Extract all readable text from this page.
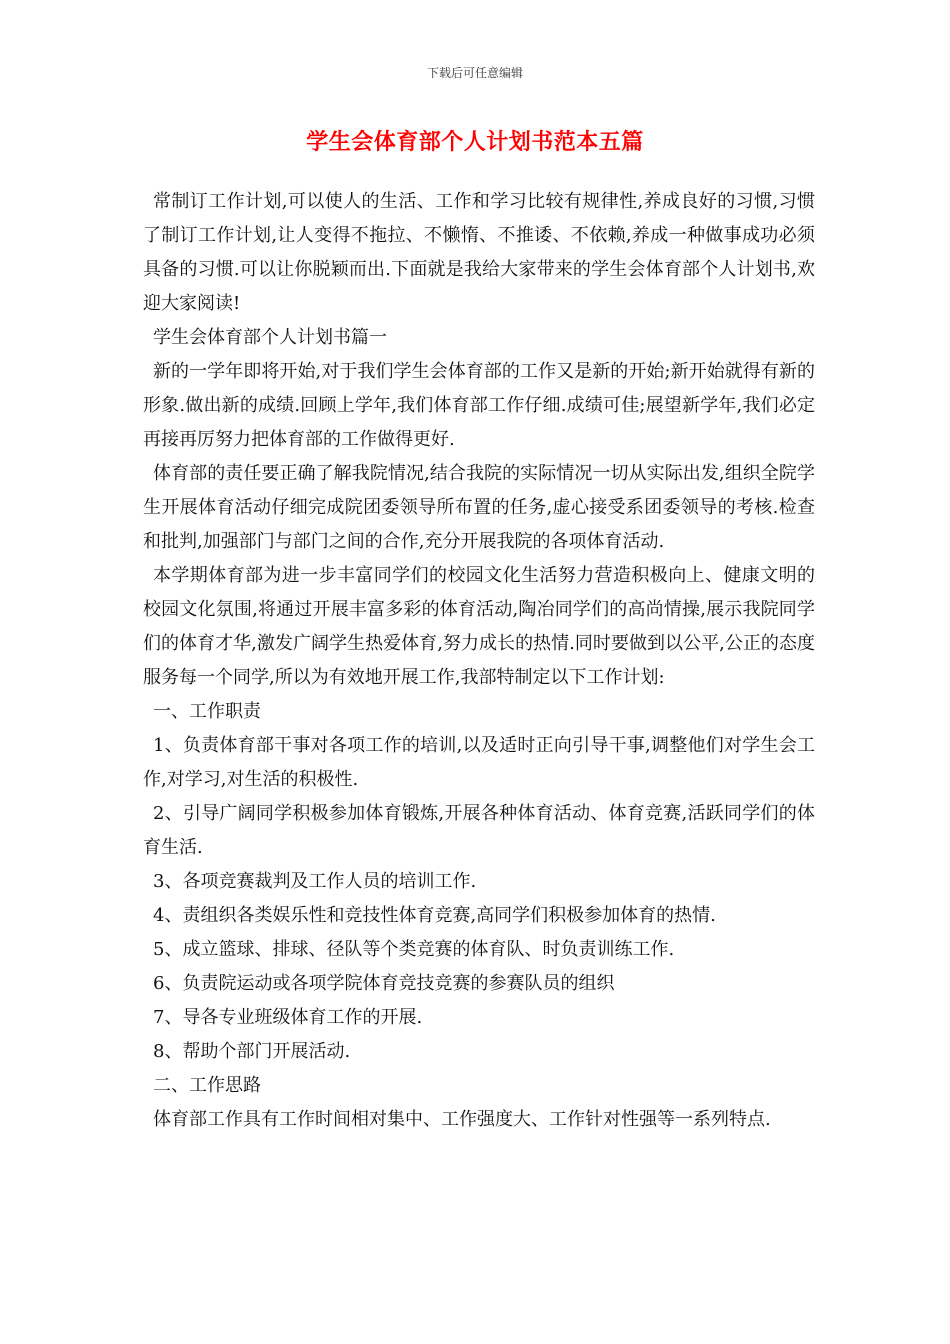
下载后可任意编辑
学生会体育部个人计划书范本五篇

常制订工作计划,可以使人的生活、工作和学习比较有规律性,养成良好的习惯,习惯了制订工作计划,让人变得不拖拉、不懒惰、不推诿、不依赖,养成一种做事成功必须具备的习惯.可以让你脱颖而出.下面就是我给大家带来的学生会体育部个人计划书,欢迎大家阅读!

学生会体育部个人计划书篇一

新的一学年即将开始,对于我们学生会体育部的工作又是新的开始;新开始就得有新的形象.做出新的成绩.回顾上学年,我们体育部工作仔细.成绩可佳;展望新学年,我们必定再接再厉努力把体育部的工作做得更好.

体育部的责任要正确了解我院情况,结合我院的实际情况一切从实际出发,组织全院学生开展体育活动仔细完成院团委领导所布置的任务,虚心接受系团委领导的考核.检查和批判,加强部门与部门之间的合作,充分开展我院的各项体育活动.

本学期体育部为进一步丰富同学们的校园文化生活努力营造积极向上、健康文明的校园文化氛围,将通过开展丰富多彩的体育活动,陶冶同学们的高尚情操,展示我院同学们的体育才华,激发广阔学生热爱体育,努力成长的热情.同时要做到以公平,公正的态度服务每一个同学,所以为有效地开展工作,我部特制定以下工作计划:

一、工作职责

1、负责体育部干事对各项工作的培训,以及适时正向引导干事,调整他们对学生会工作,对学习,对生活的积极性.

2、引导广阔同学积极参加体育锻炼,开展各种体育活动、体育竞赛,活跃同学们的体育生活.

3、各项竞赛裁判及工作人员的培训工作.

4、责组织各类娱乐性和竞技性体育竞赛,高同学们积极参加体育的热情.

5、成立篮球、排球、径队等个类竞赛的体育队、时负责训练工作.

6、负责院运动或各项学院体育竞技竞赛的参赛队员的组织

7、导各专业班级体育工作的开展.

8、帮助个部门开展活动.

二、工作思路

体育部工作具有工作时间相对集中、工作强度大、工作针对性强等一系列特点.
